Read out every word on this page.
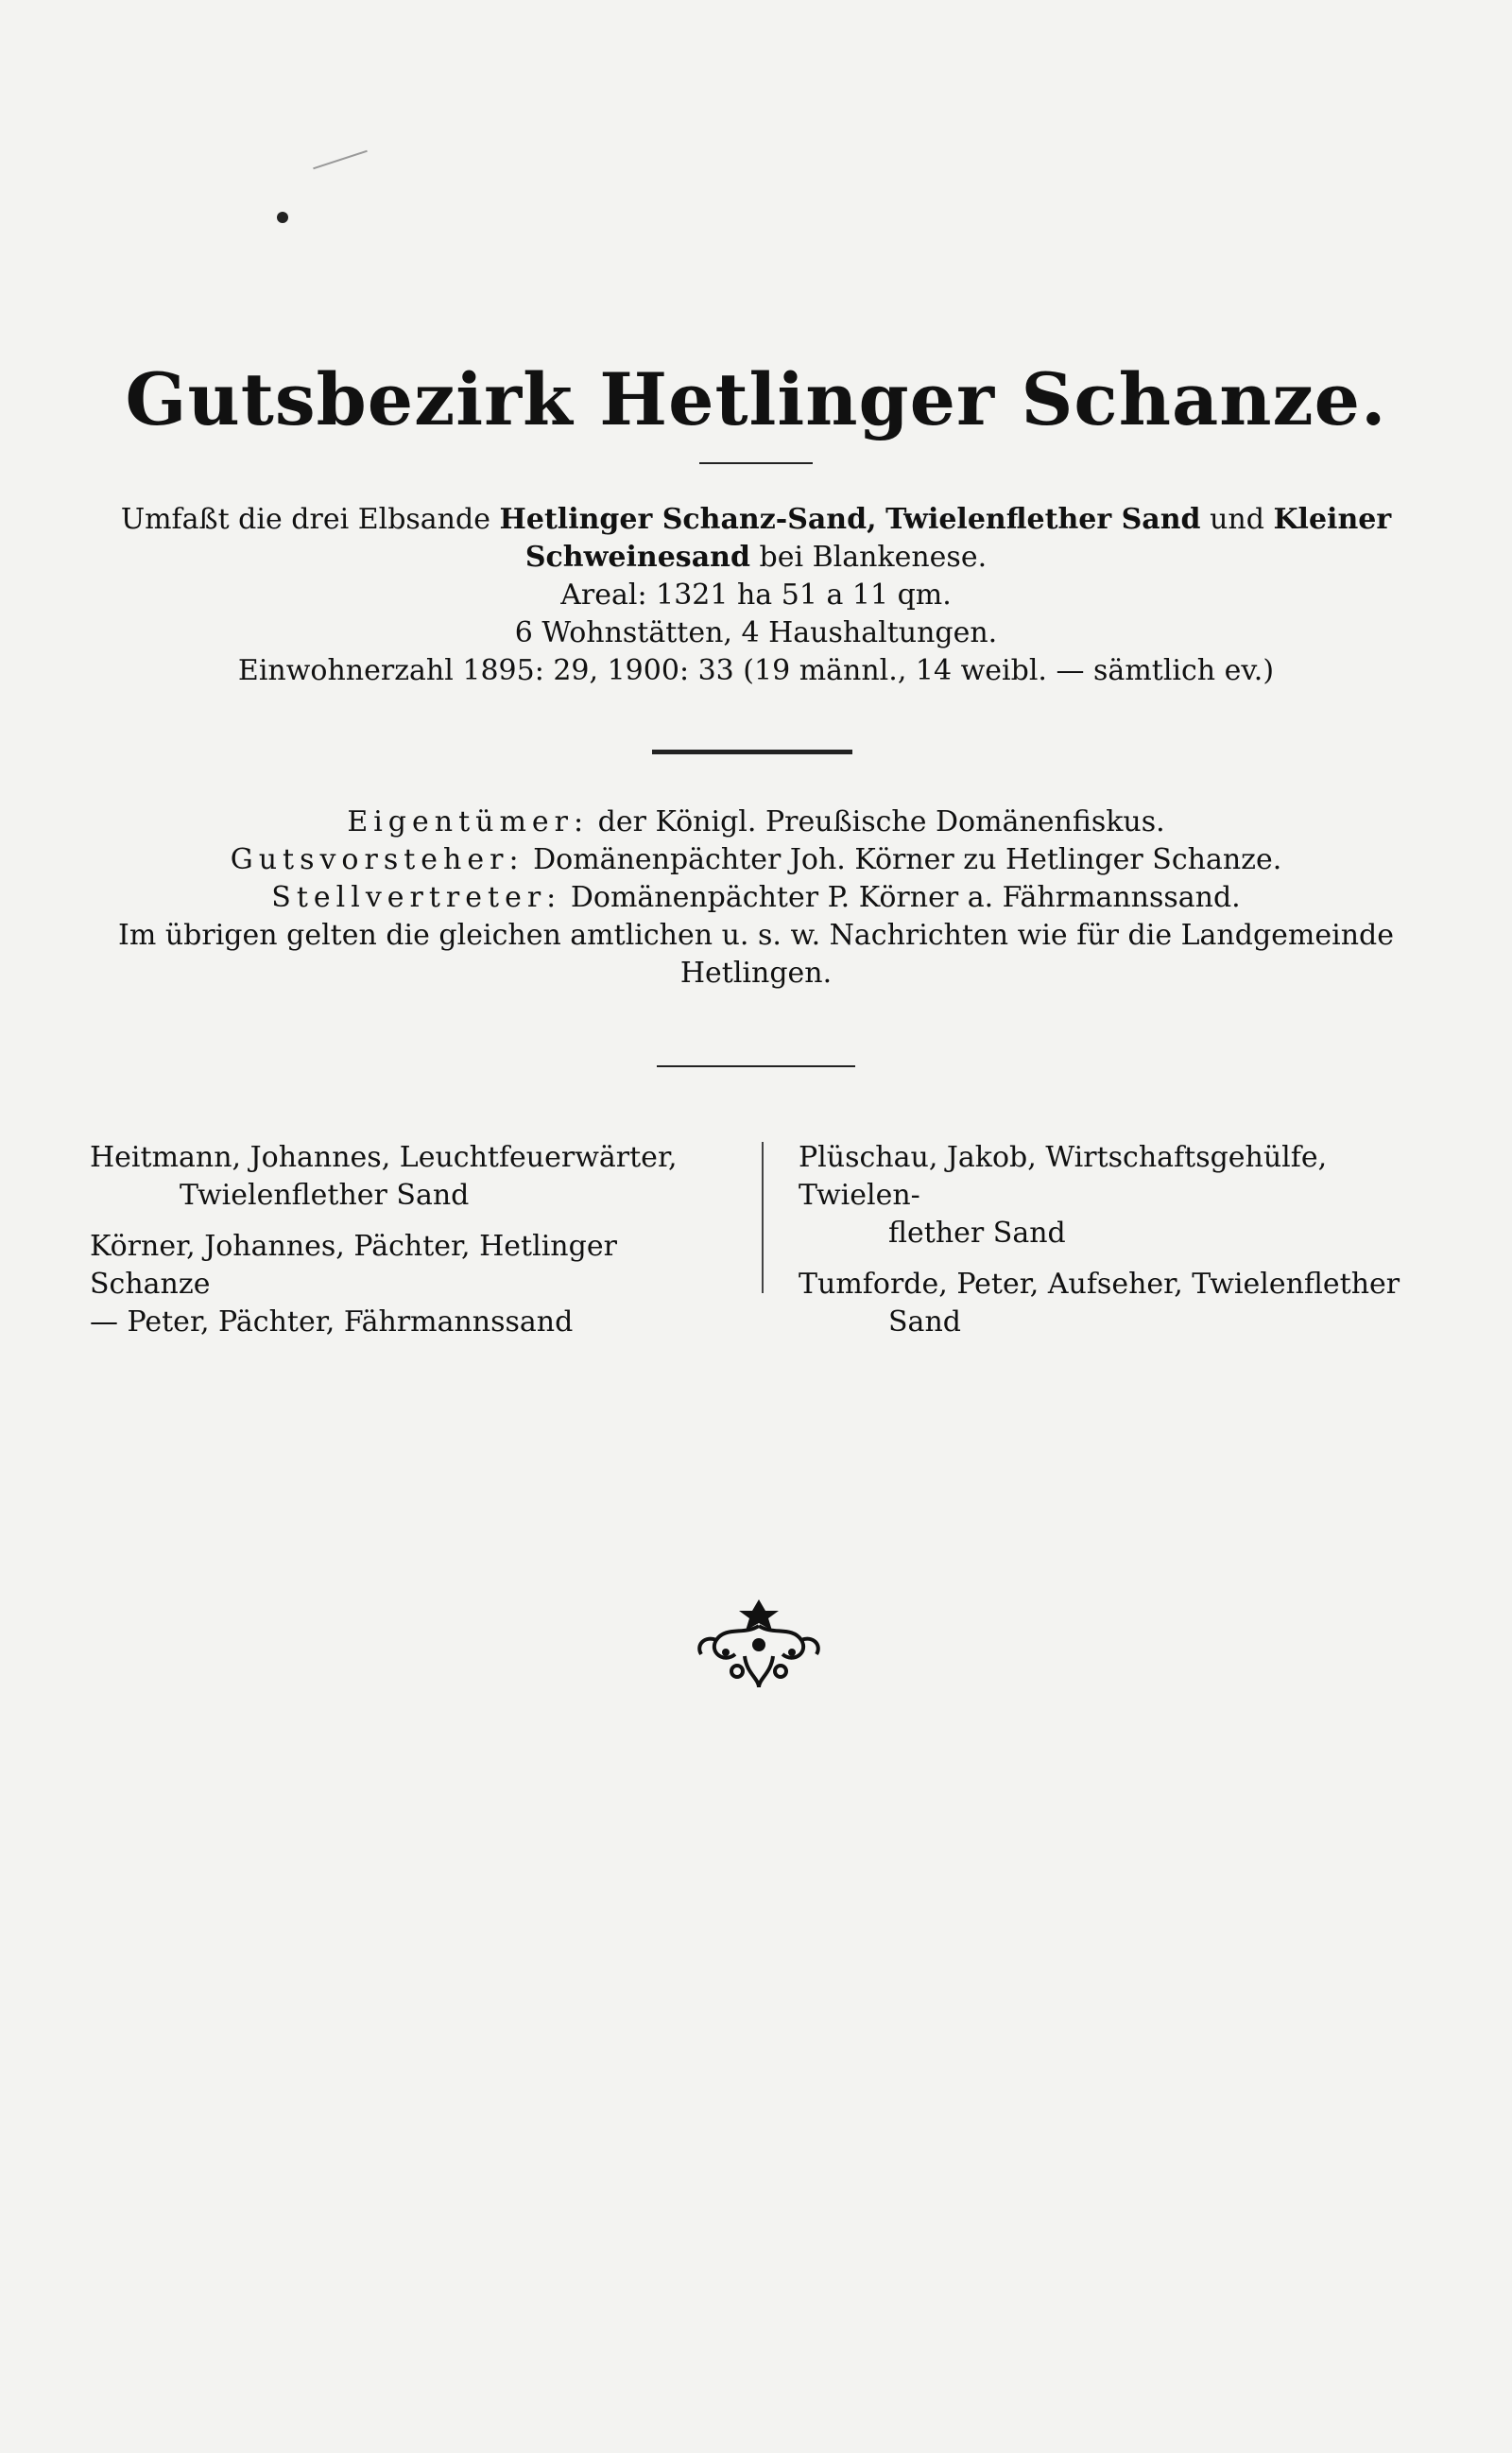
Gutsbezirk Hetlinger Schanze.
Umfaßt die drei Elbsande Hetlinger Schanz-Sand, Twielenflether Sand und Kleiner Schweinesand bei Blankenese.
Areal: 1321 ha 51 a 11 qm.
6 Wohnstätten, 4 Haushaltungen.
Einwohnerzahl 1895: 29, 1900: 33 (19 männl., 14 weibl. — sämtlich ev.)
Eigentümer: der Königl. Preußische Domänenfiskus.
Gutsvorsteher: Domänenpächter Joh. Körner zu Hetlinger Schanze.
Stellvertreter: Domänenpächter P. Körner a. Fährmannssand.
Im übrigen gelten die gleichen amtlichen u. s. w. Nachrichten wie für die Landgemeinde Hetlingen.
Heitmann, Johannes, Leuchtfeuerwärter,
Twielenflether Sand
Körner, Johannes, Pächter, Hetlinger Schanze
— Peter, Pächter, Fährmannssand
Plüschau, Jakob, Wirtschaftsgehülfe, Twielen-
flether Sand
Tumforde, Peter, Aufseher, Twielenflether
Sand
